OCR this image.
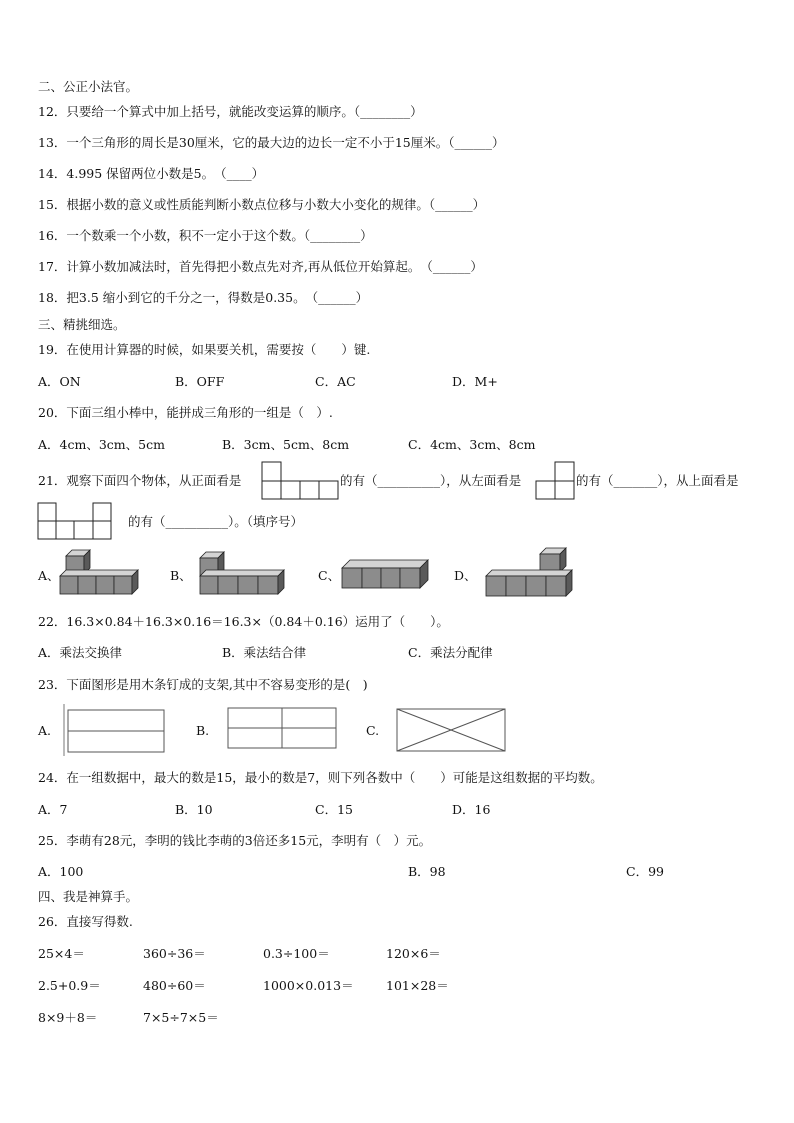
二、公正小法官。
12．只要给一个算式中加上括号，就能改变运算的顺序。（________）
13．一个三角形的周长是30厘米，它的最大边的边长一定不小于15厘米。（______）
14．4.995 保留两位小数是5。　（____）
15．根据小数的意义或性质能判断小数点位移与小数大小变化的规律。（______）
16．一个数乘一个小数，积不一定小于这个数。（________）
17．计算小数加减法时，首先得把小数点先对齐,再从低位开始算起。　（______）
18．把3.5 缩小到它的千分之一，得数是0.35。　（______）
三、精挑细选。
19．在使用计算器的时候，如果要关机，需要按（　　）键.
A．ON	B．OFF	C．AC	D．M+
20．下面三组小棒中，能拼成三角形的一组是（　）.
A．4cm、3cm、5cm	B．3cm、5cm、8cm	C．4cm、3cm、8cm
21．观察下面四个物体，从正面看是	的有（__________），从左面看是	的有（_______），从上面看是
的有（__________）。（填序号）
A、	B、	C、	D、
22．16.3×0.84＋16.3×0.16＝16.3×（0.84＋0.16）运用了（　　）。
A．乘法交换律	B．乘法结合律	C．乘法分配律
23．下面图形是用木条钉成的支架,其中不容易变形的是(　)
A.	B.	C.
24．在一组数据中，最大的数是15，最小的数是7，则下列各数中（　　）可能是这组数据的平均数。
A．7	B．10	C．15	D．16
25．李萌有28元，李明的钱比李萌的3倍还多15元，李明有（　）元。
A．100	B．98	C．99
四、我是神算手。
26．直接写得数.
25×4＝	360÷36＝	0.3÷100＝	120×6＝
2.5+0.9＝	480÷60＝	1000×0.013＝	101×28＝
8×9＋8＝	7×5÷7×5＝
